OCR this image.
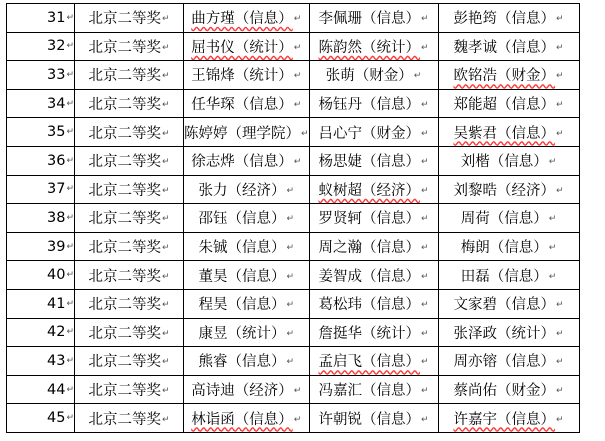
31↵	北京二等奖↵	曲方瑾（信息）↵	李佩珊（信息）↵	彭艳筠（信息）↵
32↵	北京二等奖↵	屈书仪（统计）↵	陈韵然（统计）↵	魏孝诚（信息）↵
33↵	北京二等奖↵	王锦烽（统计）↵	张萌（财金）↵	欧铭浩（财金）↵
34↵	北京二等奖↵	任华琛（信息）↵	杨钰丹（信息）↵	郑能超（信息）↵
35↵	北京二等奖↵	陈婷婷（理学院）↵	吕心宁（财金）↵	吴紫君（信息）↵
36↵	北京二等奖↵	徐志烨（信息）↵	杨思婕（信息）↵	刘楷（信息）↵
37↵	北京二等奖↵	张力（经济）↵	蚁树超（经济）↵	刘黎晧（经济）↵
38↵	北京二等奖↵	邵钰（信息）↵	罗贤轲（信息）↵	周荷（信息）↵
39↵	北京二等奖↵	朱铖（信息）↵	周之瀚（信息）↵	梅朗（信息）↵
40↵	北京二等奖↵	董昊（信息）↵	姜智成（信息）↵	田磊（信息）↵
41↵	北京二等奖↵	程昊（信息）↵	葛松玮（信息）↵	文家碧（信息）↵
42↵	北京二等奖↵	康昱（统计）↵	詹挺华（统计）↵	张泽政（统计）↵
43↵	北京二等奖↵	熊睿（信息）↵	孟启飞（信息）↵	周亦镕（信息）↵
44↵	北京二等奖↵	高诗迪（经济）↵	冯嘉汇（信息）↵	蔡尚佑（财金）↵
45↵	北京二等奖↵	林诣函（信息）↵	许朝锐（信息）↵	许嘉宇（信息）↵
